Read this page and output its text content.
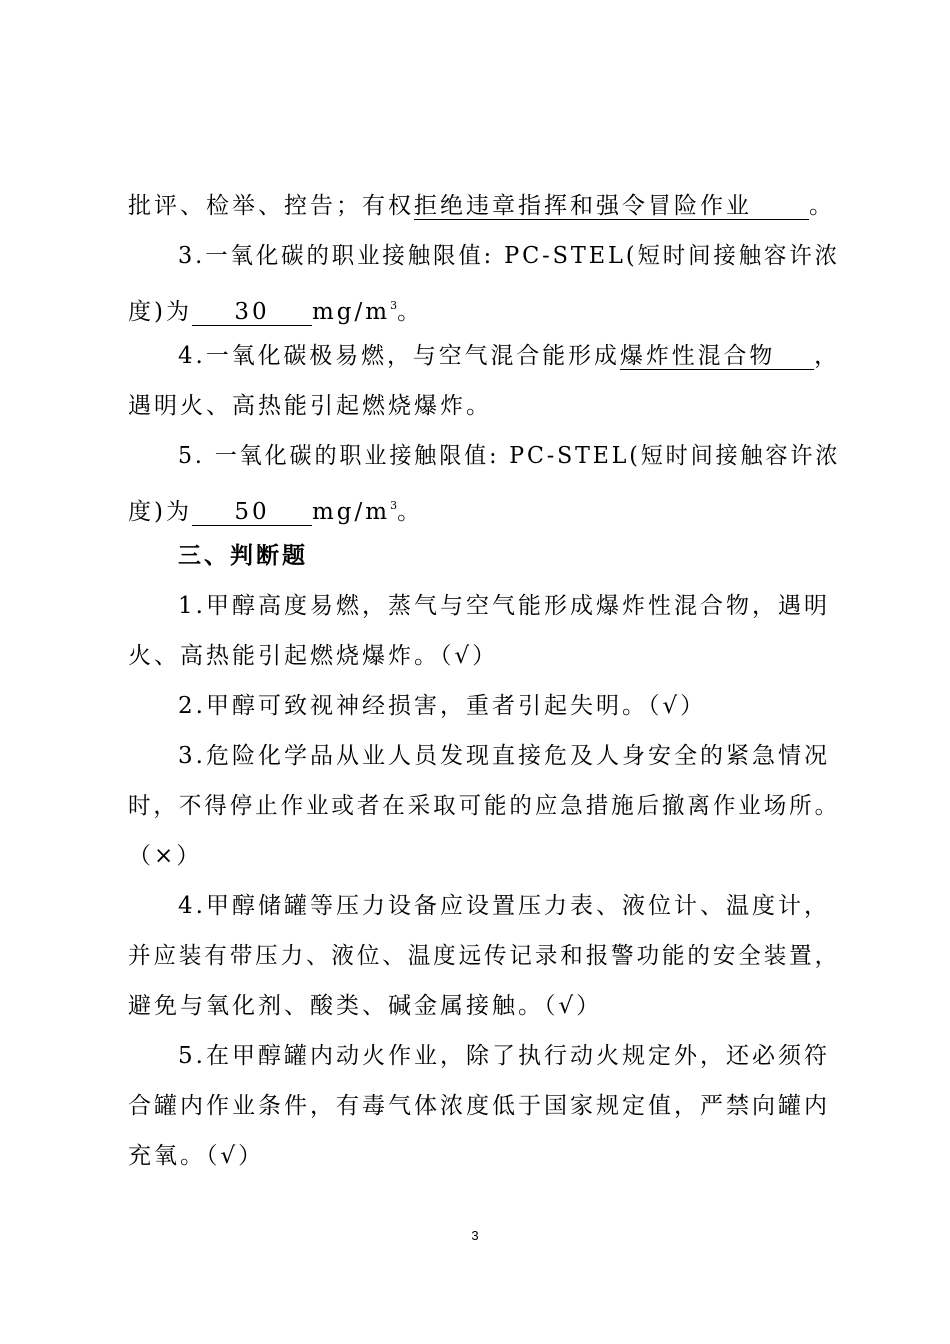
批评、检举、控告；有权拒绝违章指挥和强令冒险作业 。
3.一氧化碳的职业接触限值: PC-STEL(短时间接触容许浓
度)为 30 $mg/m^3$。
4.一氧化碳极易燃，与空气混合能形成爆炸性混合物 ，
遇明火、高热能引起燃烧爆炸。
5. 一氧化碳的职业接触限值: PC-STEL(短时间接触容许浓
度)为 50 $mg/m^3$。
三、判断题
1.甲醇高度易燃，蒸气与空气能形成爆炸性混合物，遇明
火、高热能引起燃烧爆炸。（√）
2.甲醇可致视神经损害，重者引起失明。（√）
3.危险化学品从业人员发现直接危及人身安全的紧急情况
时，不得停止作业或者在采取可能的应急措施后撤离作业场所。
（×）
4.甲醇储罐等压力设备应设置压力表、液位计、温度计，
并应装有带压力、液位、温度远传记录和报警功能的安全装置，
避免与氧化剂、酸类、碱金属接触。（√）
5.在甲醇罐内动火作业，除了执行动火规定外，还必须符
合罐内作业条件，有毒气体浓度低于国家规定值，严禁向罐内
充氧。（√）
3
